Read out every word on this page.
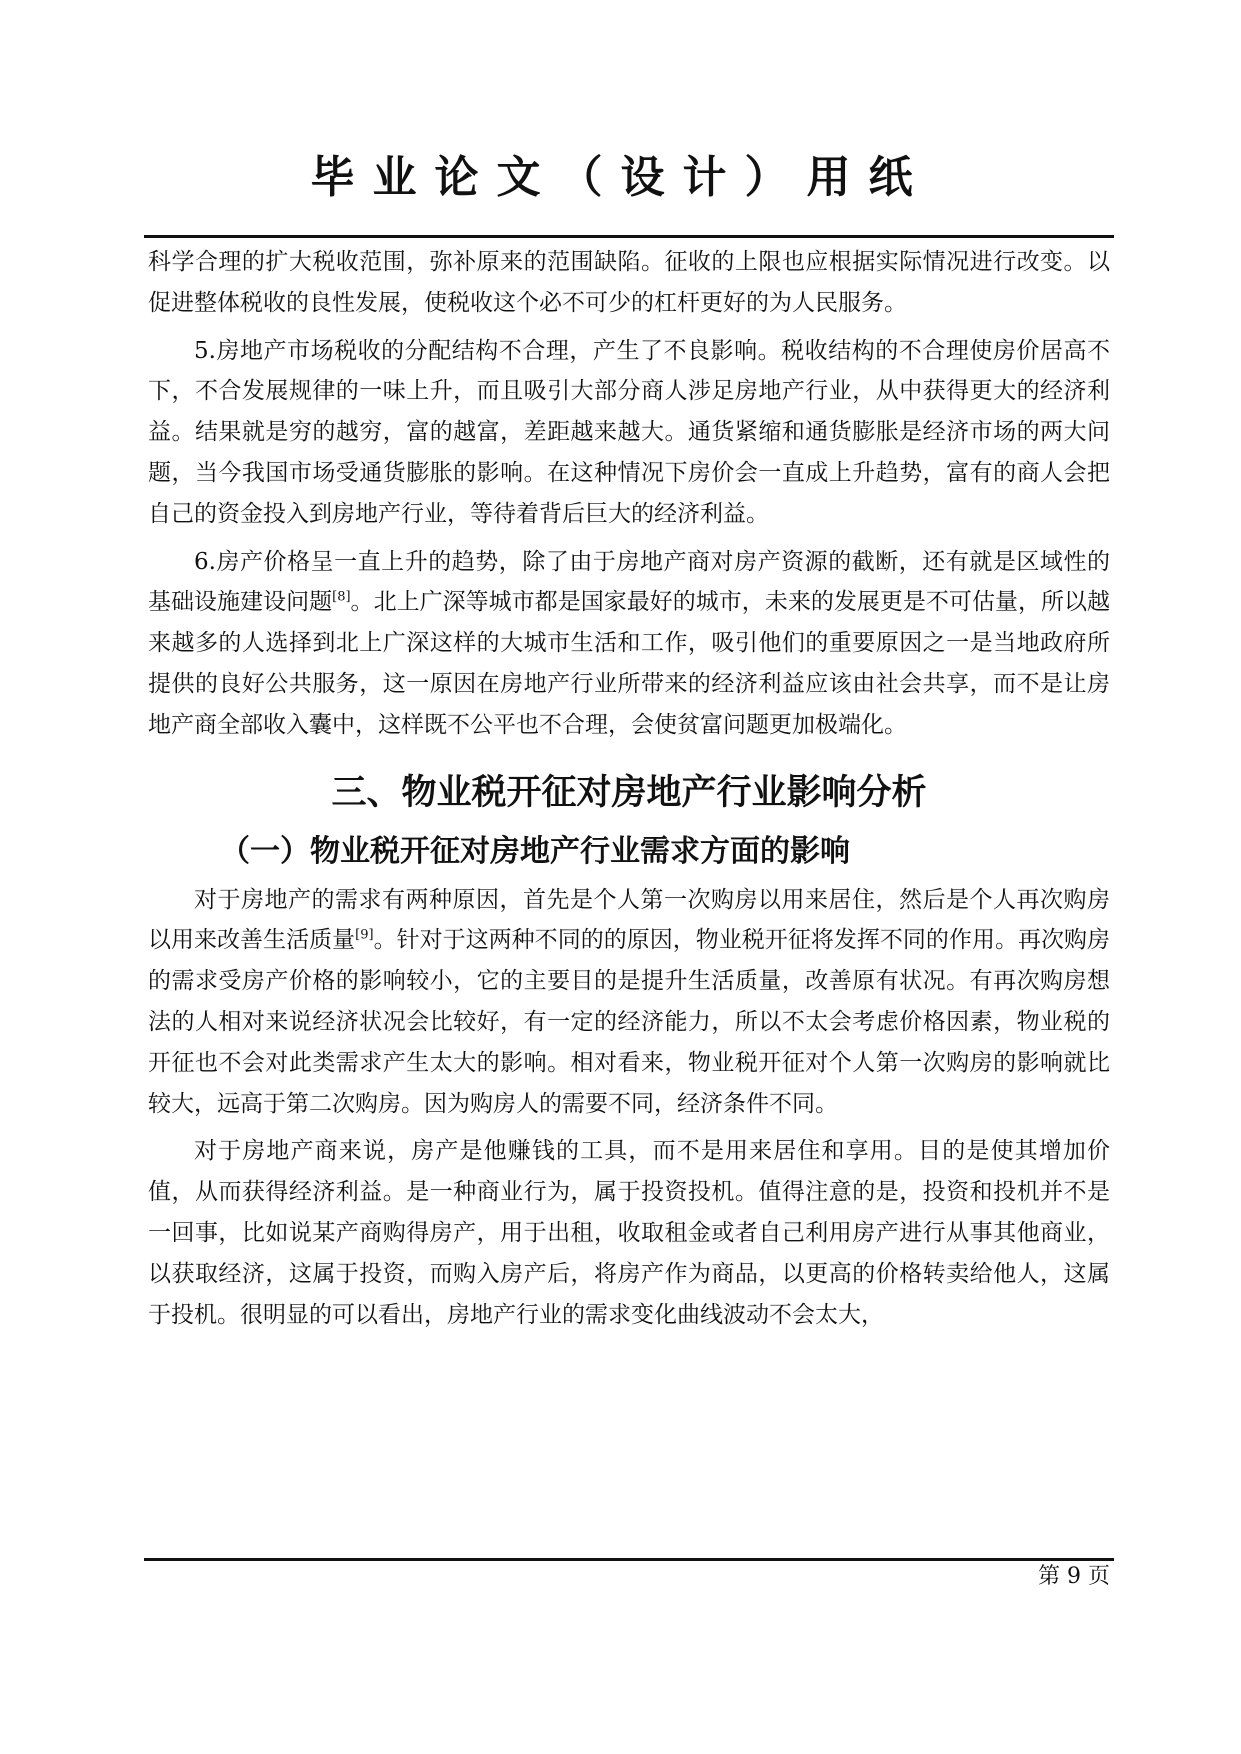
毕业论文（设计）用纸

科学合理的扩大税收范围，弥补原来的范围缺陷。征收的上限也应根据实际情况进行改变。以促进整体税收的良性发展，使税收这个必不可少的杠杆更好的为人民服务。

5.房地产市场税收的分配结构不合理，产生了不良影响。税收结构的不合理使房价居高不下，不合发展规律的一味上升，而且吸引大部分商人涉足房地产行业，从中获得更大的经济利益。结果就是穷的越穷，富的越富，差距越来越大。通货紧缩和通货膨胀是经济市场的两大问题，当今我国市场受通货膨胀的影响。在这种情况下房价会一直成上升趋势，富有的商人会把自己的资金投入到房地产行业，等待着背后巨大的经济利益。

6.房产价格呈一直上升的趋势，除了由于房地产商对房产资源的截断，还有就是区域性的基础设施建设问题[8]。北上广深等城市都是国家最好的城市，未来的发展更是不可估量，所以越来越多的人选择到北上广深这样的大城市生活和工作，吸引他们的重要原因之一是当地政府所提供的良好公共服务，这一原因在房地产行业所带来的经济利益应该由社会共享，而不是让房地产商全部收入囊中，这样既不公平也不合理，会使贫富问题更加极端化。

三、物业税开征对房地产行业影响分析
（一）物业税开征对房地产行业需求方面的影响

对于房地产的需求有两种原因，首先是个人第一次购房以用来居住，然后是个人再次购房以用来改善生活质量[9]。针对于这两种不同的的原因，物业税开征将发挥不同的作用。再次购房的需求受房产价格的影响较小，它的主要目的是提升生活质量，改善原有状况。有再次购房想法的人相对来说经济状况会比较好，有一定的经济能力，所以不太会考虑价格因素，物业税的开征也不会对此类需求产生太大的影响。相对看来，物业税开征对个人第一次购房的影响就比较大，远高于第二次购房。因为购房人的需要不同，经济条件不同。

对于房地产商来说，房产是他赚钱的工具，而不是用来居住和享用。目的是使其增加价值，从而获得经济利益。是一种商业行为，属于投资投机。值得注意的是，投资和投机并不是一回事，比如说某产商购得房产，用于出租，收取租金或者自己利用房产进行从事其他商业，以获取经济，这属于投资，而购入房产后，将房产作为商品，以更高的价格转卖给他人，这属于投机。很明显的可以看出，房地产行业的需求变化曲线波动不会太大，

第 9 页
